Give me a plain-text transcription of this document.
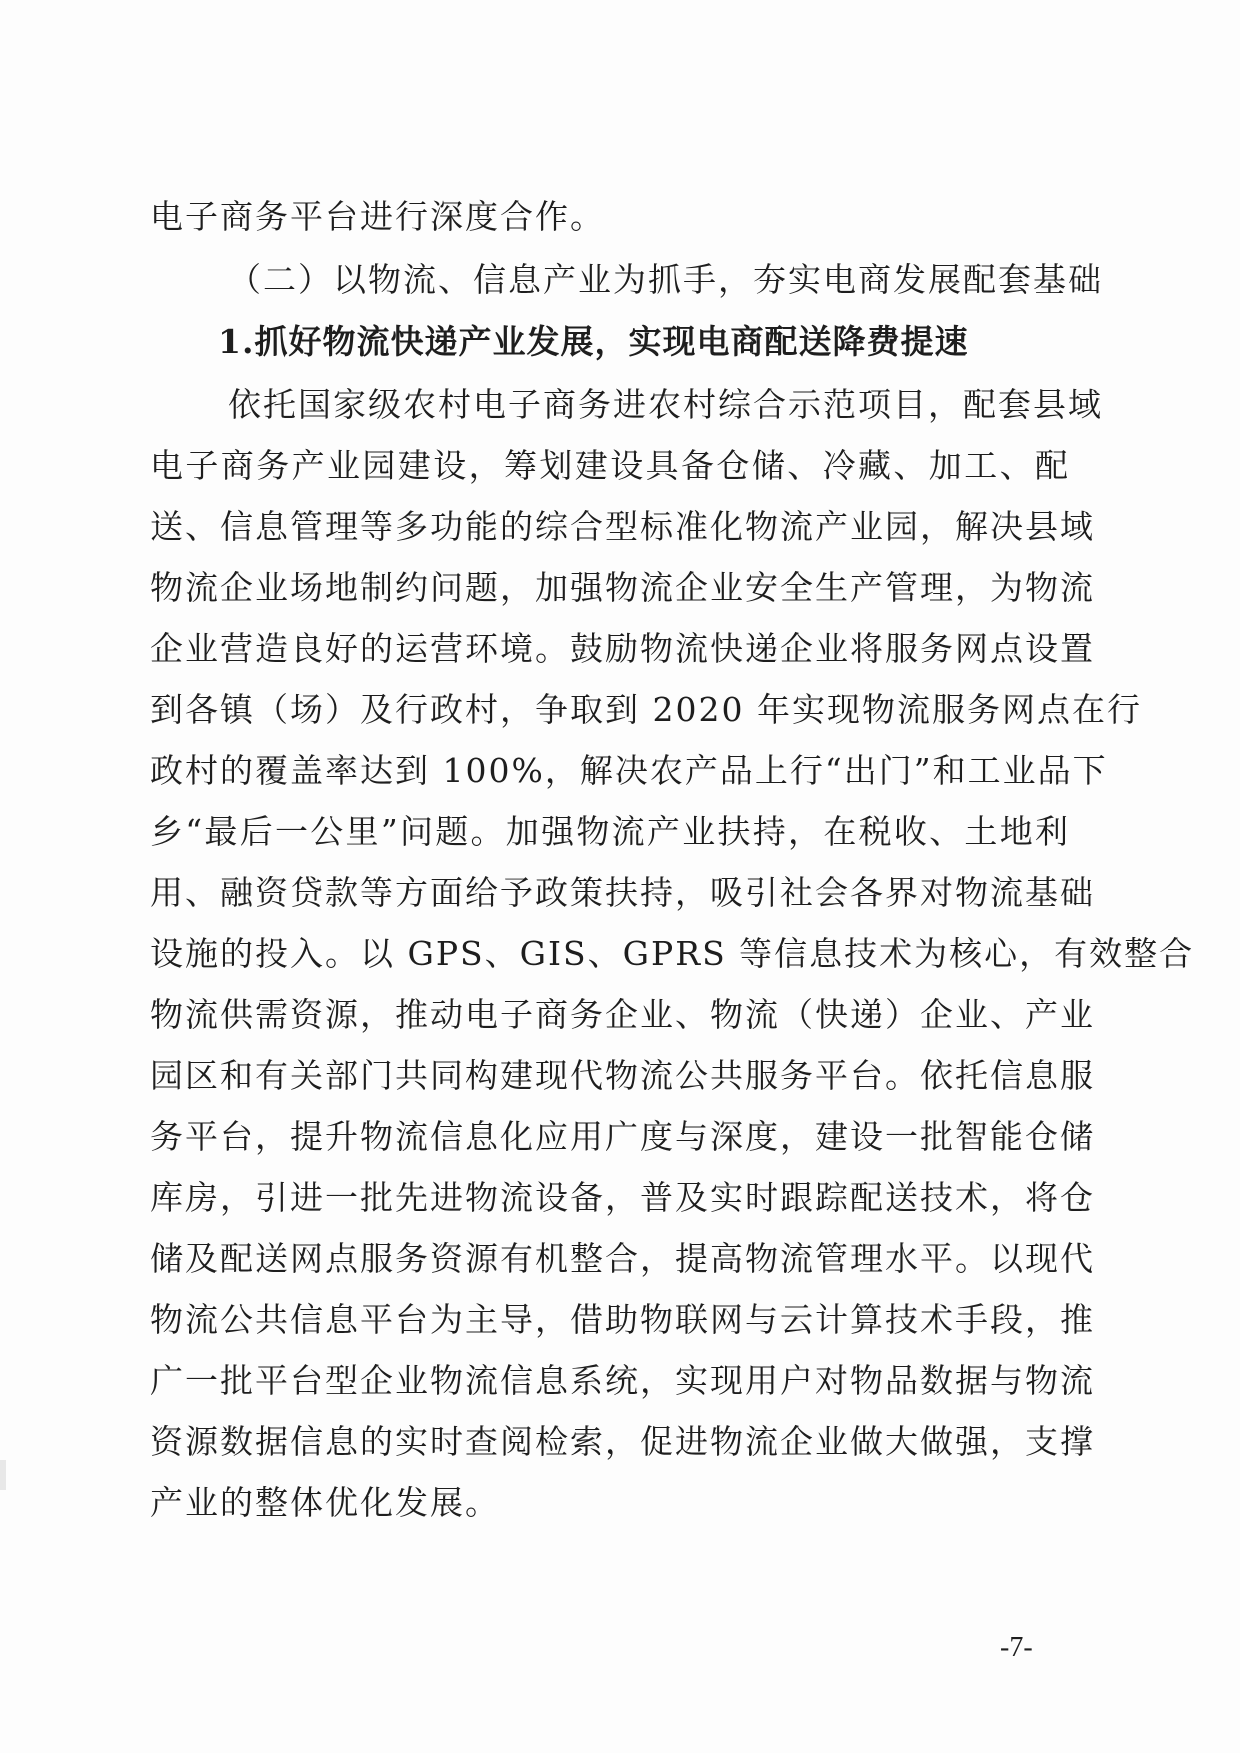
电子商务平台进行深度合作。
（二）以物流、信息产业为抓手，夯实电商发展配套基础
1.抓好物流快递产业发展，实现电商配送降费提速
依托国家级农村电子商务进农村综合示范项目，配套县域
电子商务产业园建设，筹划建设具备仓储、冷藏、加工、配
送、信息管理等多功能的综合型标准化物流产业园，解决县域
物流企业场地制约问题，加强物流企业安全生产管理，为物流
企业营造良好的运营环境。鼓励物流快递企业将服务网点设置
到各镇（场）及行政村，争取到 2020 年实现物流服务网点在行
政村的覆盖率达到 100%，解决农产品上行“出门”和工业品下
乡“最后一公里”问题。加强物流产业扶持，在税收、土地利
用、融资贷款等方面给予政策扶持，吸引社会各界对物流基础
设施的投入。以 GPS、GIS、GPRS 等信息技术为核心，有效整合
物流供需资源，推动电子商务企业、物流（快递）企业、产业
园区和有关部门共同构建现代物流公共服务平台。依托信息服
务平台，提升物流信息化应用广度与深度，建设一批智能仓储
库房，引进一批先进物流设备，普及实时跟踪配送技术，将仓
储及配送网点服务资源有机整合，提高物流管理水平。以现代
物流公共信息平台为主导，借助物联网与云计算技术手段，推
广一批平台型企业物流信息系统，实现用户对物品数据与物流
资源数据信息的实时查阅检索，促进物流企业做大做强，支撑
产业的整体优化发展。
-7-
